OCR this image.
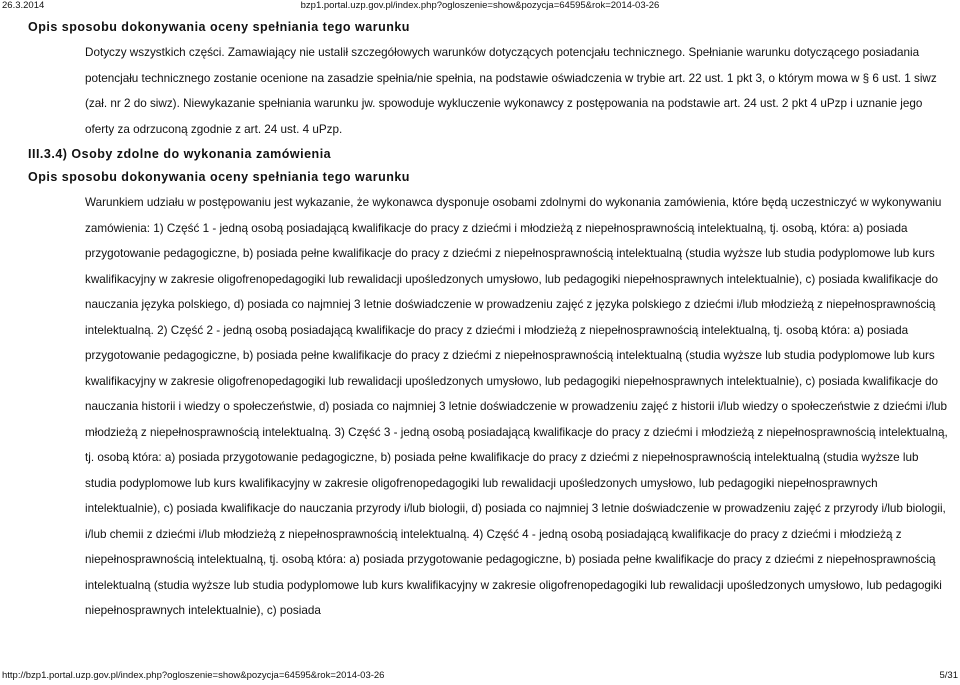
26.3.2014	bzp1.portal.uzp.gov.pl/index.php?ogloszenie=show&pozycja=64595&rok=2014-03-26
Opis sposobu dokonywania oceny spełniania tego warunku

Dotyczy wszystkich części. Zamawiający nie ustalił szczegółowych warunków dotyczących potencjału technicznego. Spełnianie warunku dotyczącego posiadania potencjału technicznego zostanie ocenione na zasadzie spełnia/nie spełnia, na podstawie oświadczenia w trybie art. 22 ust. 1 pkt 3, o którym mowa w § 6 ust. 1 siwz (zał. nr 2 do siwz). Niewykazanie spełniania warunku jw. spowoduje wykluczenie wykonawcy z postępowania na podstawie art. 24 ust. 2 pkt 4 uPzp i uznanie jego oferty za odrzuconą zgodnie z art. 24 ust. 4 uPzp.

III.3.4) Osoby zdolne do wykonania zamówienia
Opis sposobu dokonywania oceny spełniania tego warunku

Warunkiem udziału w postępowaniu jest wykazanie, że wykonawca dysponuje osobami zdolnymi do wykonania zamówienia, które będą uczestniczyć w wykonywaniu zamówienia: 1) Część 1 - jedną osobą posiadającą kwalifikacje do pracy z dziećmi i młodzieżą z niepełnosprawnością intelektualną, tj. osobą, która: a) posiada przygotowanie pedagogiczne, b) posiada pełne kwalifikacje do pracy z dziećmi z niepełnosprawnością intelektualną (studia wyższe lub studia podyplomowe lub kurs kwalifikacyjny w zakresie oligofrenopedagogiki lub rewalidacji upośledzonych umysłowo, lub pedagogiki niepełnosprawnych intelektualnie), c) posiada kwalifikacje do nauczania języka polskiego, d) posiada co najmniej 3 letnie doświadczenie w prowadzeniu zajęć z języka polskiego z dziećmi i/lub młodzieżą z niepełnosprawnością intelektualną. 2) Część 2 - jedną osobą posiadającą kwalifikacje do pracy z dziećmi i młodzieżą z niepełnosprawnością intelektualną, tj. osobą która: a) posiada przygotowanie pedagogiczne, b) posiada pełne kwalifikacje do pracy z dziećmi z niepełnosprawnością intelektualną (studia wyższe lub studia podyplomowe lub kurs kwalifikacyjny w zakresie oligofrenopedagogiki lub rewalidacji upośledzonych umysłowo, lub pedagogiki niepełnosprawnych intelektualnie), c) posiada kwalifikacje do nauczania historii i wiedzy o społeczeństwie, d) posiada co najmniej 3 letnie doświadczenie w prowadzeniu zajęć z historii i/lub wiedzy o społeczeństwie z dziećmi i/lub młodzieżą z niepełnosprawnością intelektualną. 3) Część 3 - jedną osobą posiadającą kwalifikacje do pracy z dziećmi i młodzieżą z niepełnosprawnością intelektualną, tj. osobą która: a) posiada przygotowanie pedagogiczne, b) posiada pełne kwalifikacje do pracy z dziećmi z niepełnosprawnością intelektualną (studia wyższe lub studia podyplomowe lub kurs kwalifikacyjny w zakresie oligofrenopedagogiki lub rewalidacji upośledzonych umysłowo, lub pedagogiki niepełnosprawnych intelektualnie), c) posiada kwalifikacje do nauczania przyrody i/lub biologii, d) posiada co najmniej 3 letnie doświadczenie w prowadzeniu zajęć z przyrody i/lub biologii, i/lub chemii z dziećmi i/lub młodzieżą z niepełnosprawnością intelektualną. 4) Część 4 - jedną osobą posiadającą kwalifikacje do pracy z dziećmi i młodzieżą z niepełnosprawnością intelektualną, tj. osobą która: a) posiada przygotowanie pedagogiczne, b) posiada pełne kwalifikacje do pracy z dziećmi z niepełnosprawnością intelektualną (studia wyższe lub studia podyplomowe lub kurs kwalifikacyjny w zakresie oligofrenopedagogiki lub rewalidacji upośledzonych umysłowo, lub pedagogiki niepełnosprawnych intelektualnie), c) posiada

http://bzp1.portal.uzp.gov.pl/index.php?ogloszenie=show&pozycja=64595&rok=2014-03-26	5/31
